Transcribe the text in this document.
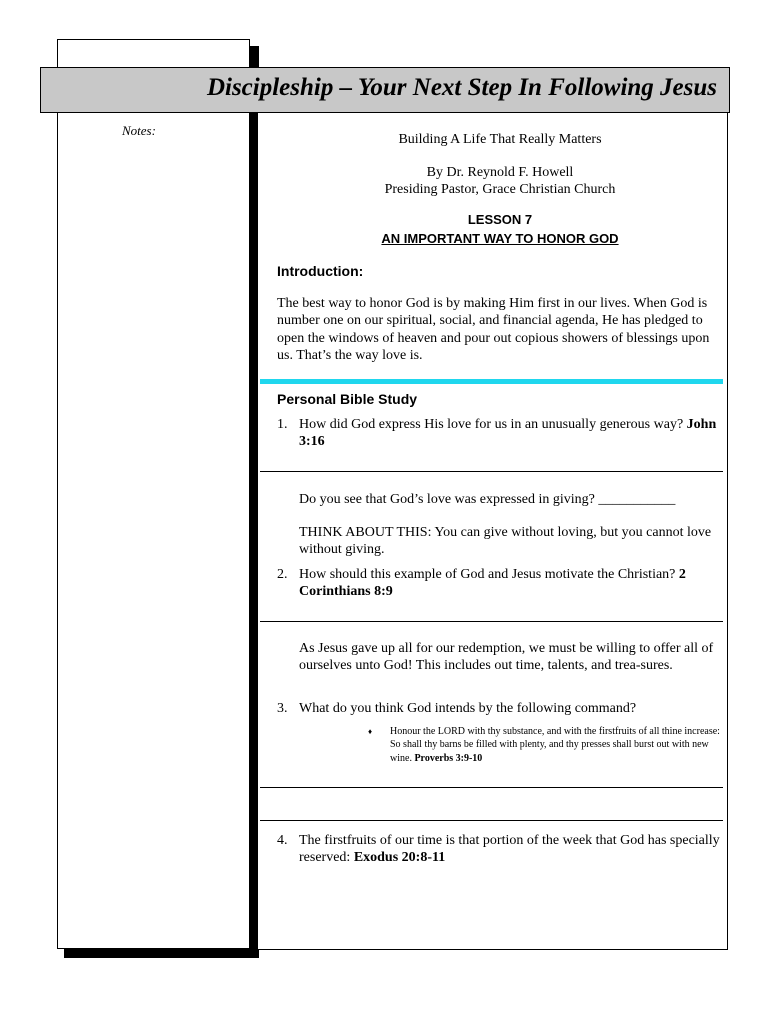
Notes:
Discipleship – Your Next Step In Following Jesus
Building A Life That Really Matters
By Dr. Reynold F. Howell
Presiding Pastor, Grace Christian Church
LESSON 7
AN IMPORTANT WAY TO HONOR GOD
Introduction:
The best way to honor God is by making Him first in our lives. When God is number one on our spiritual, social, and financial agenda, He has pledged to open the windows of heaven and pour out copious showers of blessings upon us. That’s the way love is.
Personal Bible Study
1. How did God express His love for us in an unusually generous way? John 3:16
Do you see that God’s love was expressed in giving? ___________
THINK ABOUT THIS: You can give without loving, but you cannot love without giving.
2. How should this example of God and Jesus motivate the Christian? 2 Corinthians 8:9
As Jesus gave up all for our redemption, we must be willing to offer all of ourselves unto God! This includes out time, talents, and trea-sures.
3. What do you think God intends by the following command?
♦ Honour the LORD with thy substance, and with the firstfruits of all thine increase: So shall thy barns be filled with plenty, and thy presses shall burst out with new wine. Proverbs 3:9-10
4. The firstfruits of our time is that portion of the week that God has specially reserved: Exodus 20:8-11
